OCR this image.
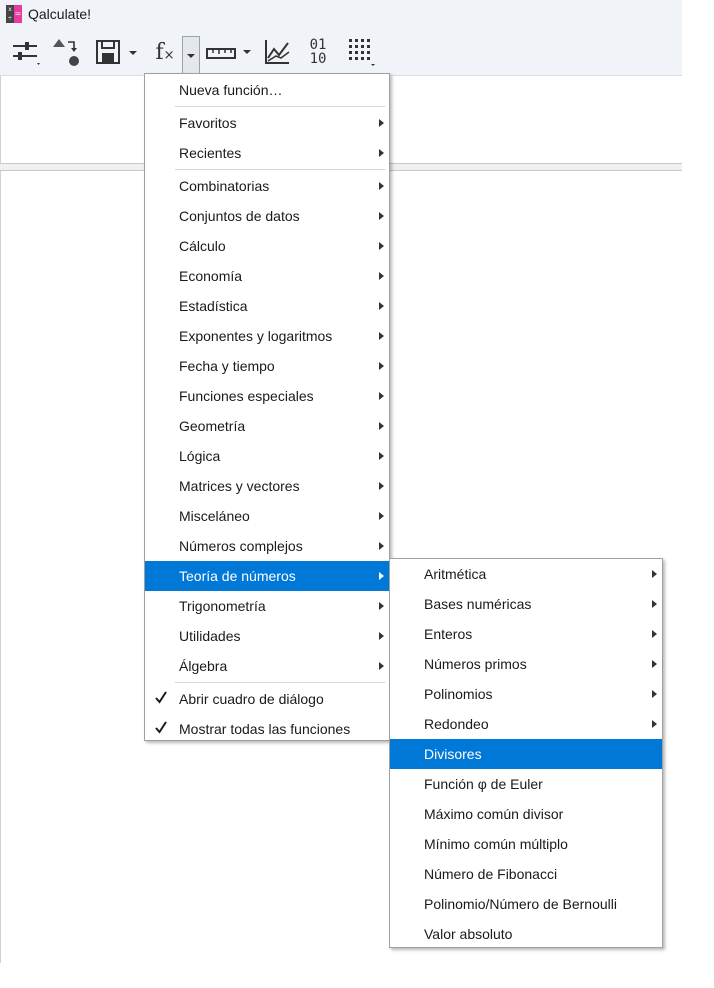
x
÷
= Qalculate!
f×
01
10
Nueva función…
Favoritos
Recientes
Combinatorias
Conjuntos de datos
Cálculo
Economía
Estadística
Exponentes y logaritmos
Fecha y tiempo
Funciones especiales
Geometría
Lógica
Matrices y vectores
Misceláneo
Números complejos
Teoría de números
Trigonometría
Utilidades
Álgebra
Abrir cuadro de diálogo
Mostrar todas las funciones
Aritmética
Bases numéricas
Enteros
Números primos
Polinomios
Redondeo
Divisores
Función φ de Euler
Máximo común divisor
Mínimo común múltiplo
Número de Fibonacci
Polinomio/Número de Bernoulli
Valor absoluto
